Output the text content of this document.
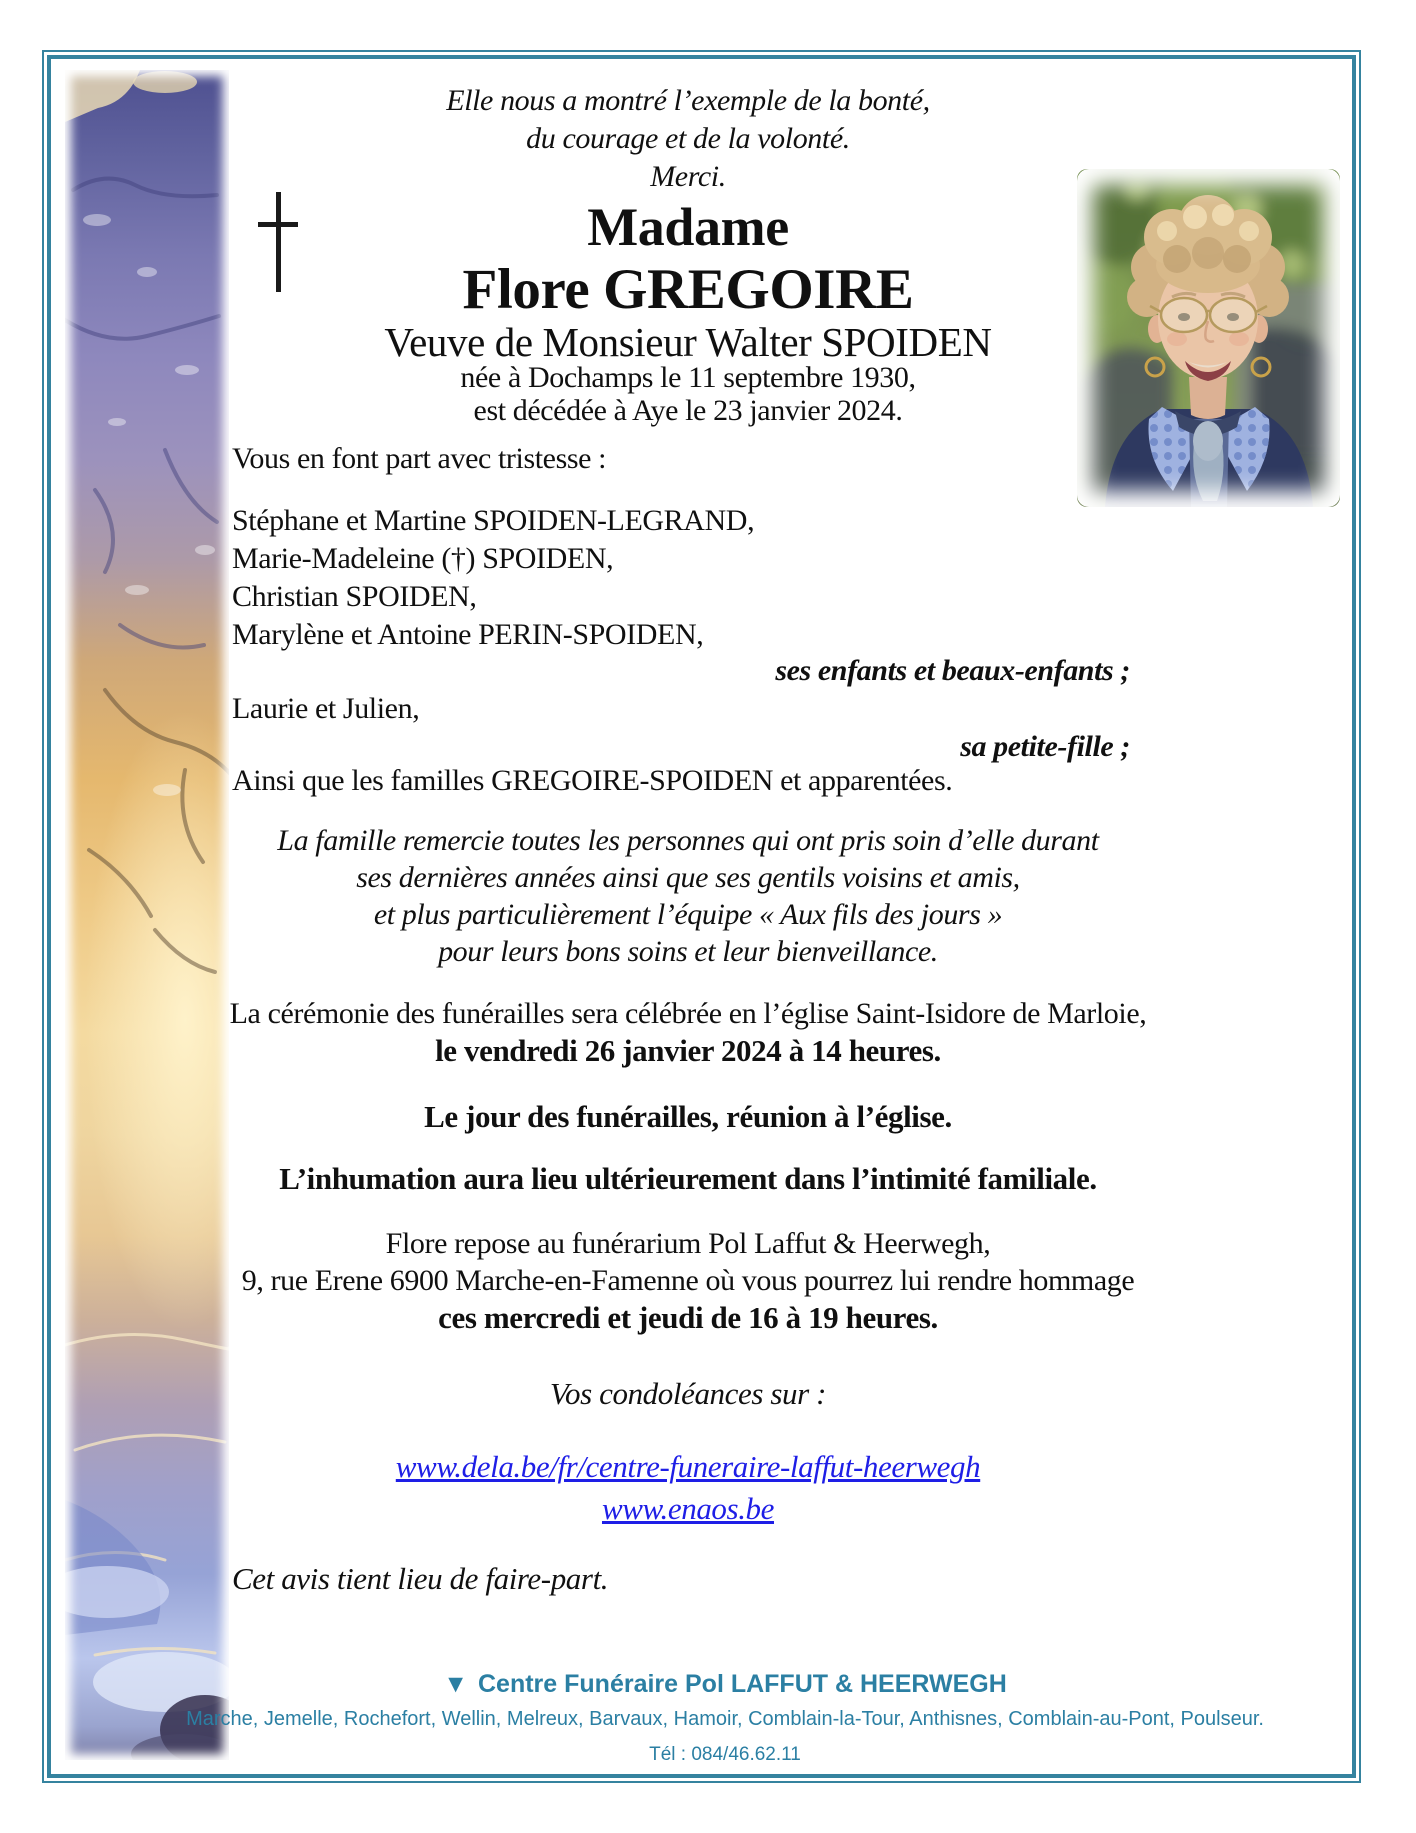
Elle nous a montré l’exemple de la bonté,
du courage et de la volonté.
Merci.
Madame
Flore GREGOIRE
Veuve de Monsieur Walter SPOIDEN
née à Dochamps le 11 septembre 1930,
est décédée à Aye le 23 janvier 2024.
Vous en font part avec tristesse :
Stéphane et Martine SPOIDEN-LEGRAND,
Marie-Madeleine (†) SPOIDEN,
Christian SPOIDEN,
Marylène et Antoine PERIN-SPOIDEN,
ses enfants et beaux-enfants ;
Laurie et Julien,
sa petite-fille ;
Ainsi que les familles GREGOIRE-SPOIDEN et apparentées.
La famille remercie toutes les personnes qui ont pris soin d’elle durant
ses dernières années ainsi que ses gentils voisins et amis,
et plus particulièrement l’équipe « Aux fils des jours »
pour leurs bons soins et leur bienveillance.
La cérémonie des funérailles sera célébrée en l’église Saint-Isidore de Marloie,
le vendredi 26 janvier 2024 à 14 heures.
Le jour des funérailles, réunion à l’église.
L’inhumation aura lieu ultérieurement dans l’intimité familiale.
Flore repose au funérarium Pol Laffut & Heerwegh,
9, rue Erene 6900 Marche-en-Famenne où vous pourrez lui rendre hommage
ces mercredi et jeudi de 16 à 19 heures.
Vos condoléances sur :
www.dela.be/fr/centre-funeraire-laffut-heerwegh
www.enaos.be
Cet avis tient lieu de faire-part.
▼ Centre Funéraire Pol LAFFUT & HEERWEGH
Marche, Jemelle, Rochefort, Wellin, Melreux, Barvaux, Hamoir, Comblain-la-Tour, Anthisnes, Comblain-au-Pont, Poulseur.
Tél : 084/46.62.11
